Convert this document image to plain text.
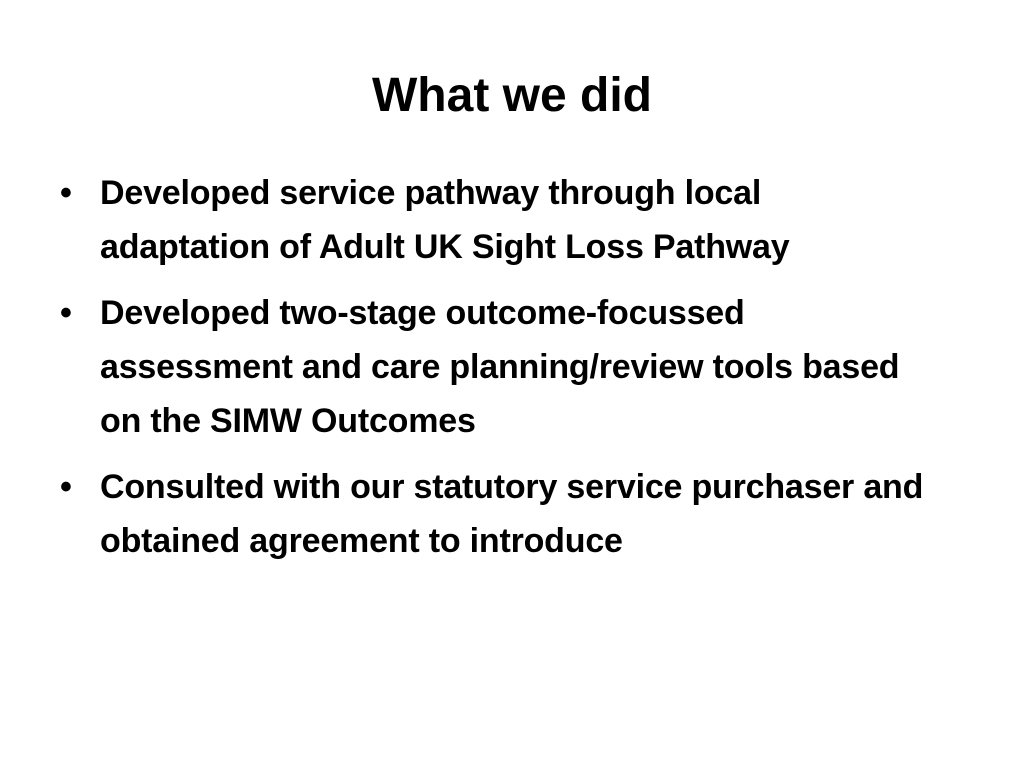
What we did
• Developed service pathway through local adaptation of Adult UK Sight Loss Pathway
• Developed two-stage outcome-focussed assessment and care planning/review tools based on the SIMW Outcomes
• Consulted with our statutory service purchaser and obtained agreement to introduce
